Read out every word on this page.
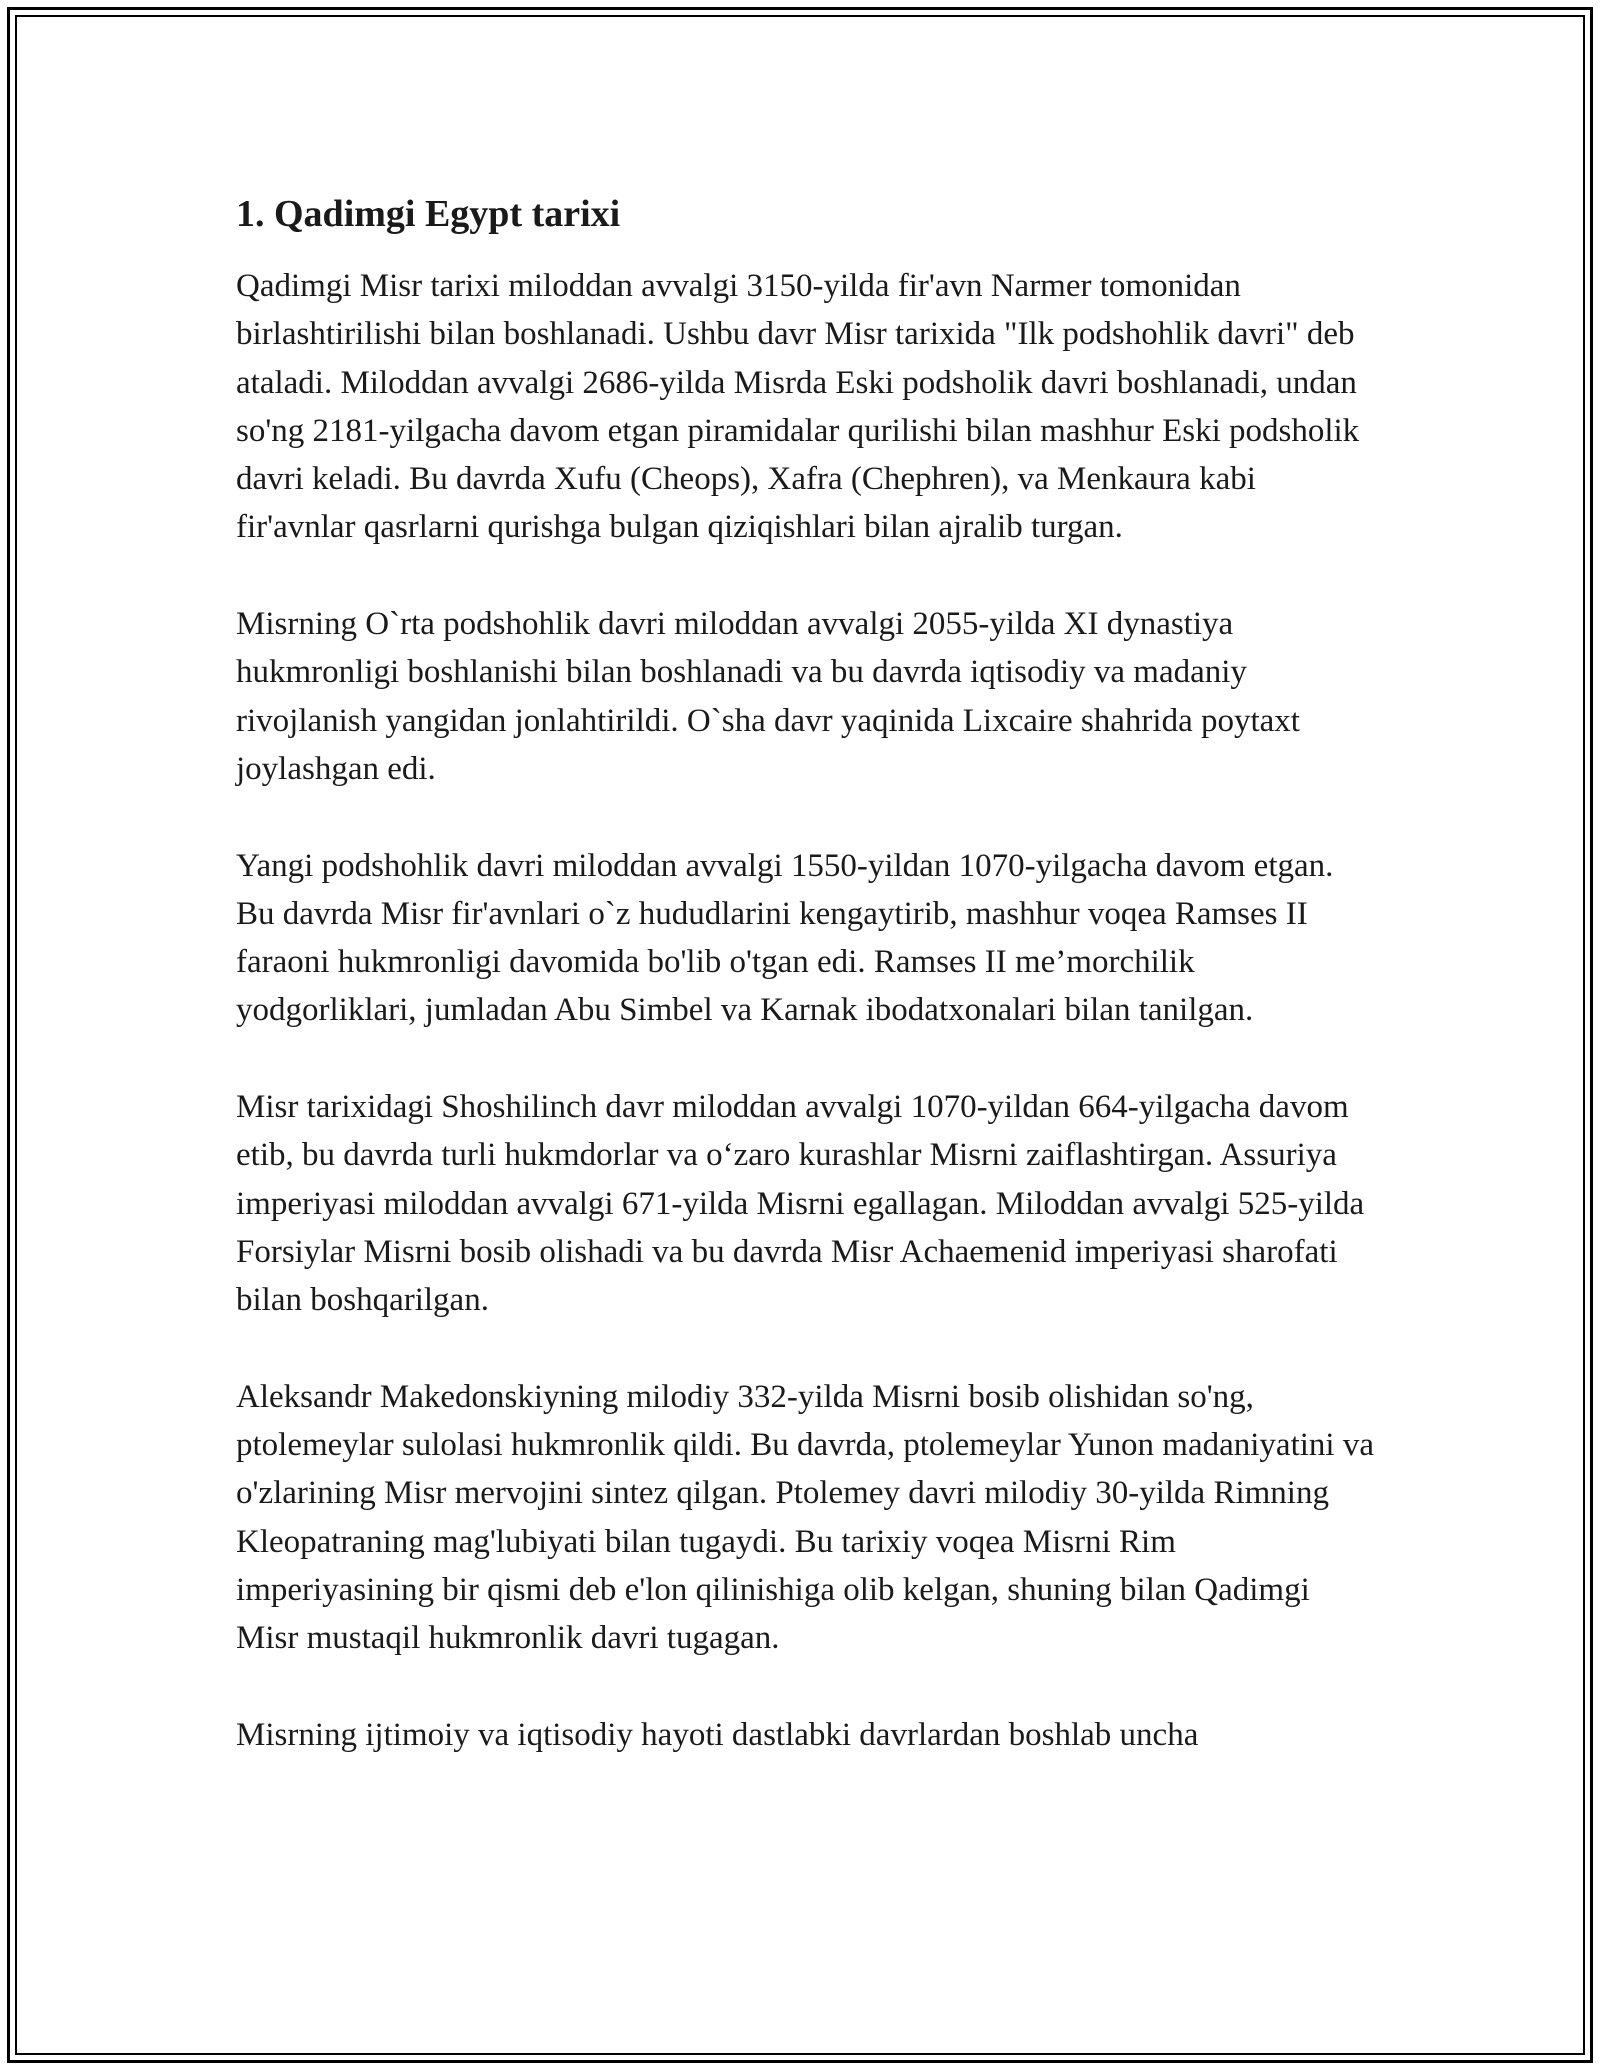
1. Qadimgi Egypt tarixi

Qadimgi Misr tarixi miloddan avvalgi 3150-yilda fir'avn Narmer tomonidan birlashtirilishi bilan boshlanadi. Ushbu davr Misr tarixida "Ilk podshohlik davri" deb ataladi. Miloddan avvalgi 2686-yilda Misrda Eski podsholik davri boshlanadi, undan so'ng 2181-yilgacha davom etgan piramidalar qurilishi bilan mashhur Eski podsholik davri keladi. Bu davrda Xufu (Cheops), Xafra (Chephren), va Menkaura kabi fir'avnlar qasrlarni qurishga bulgan qiziqishlari bilan ajralib turgan.

Misrning O`rta podshohlik davri miloddan avvalgi 2055-yilda XI dynastiya hukmronligi boshlanishi bilan boshlanadi va bu davrda iqtisodiy va madaniy rivojlanish yangidan jonlahtirildi. O`sha davr yaqinida Lixcaire shahrida poytaxt joylashgan edi.

Yangi podshohlik davri miloddan avvalgi 1550-yildan 1070-yilgacha davom etgan. Bu davrda Misr fir'avnlari o`z hududlarini kengaytirib, mashhur voqea Ramses II faraoni hukmronligi davomida bo'lib o'tgan edi. Ramses II me’morchilik yodgorliklari, jumladan Abu Simbel va Karnak ibodatxonalari bilan tanilgan.

Misr tarixidagi Shoshilinch davr miloddan avvalgi 1070-yildan 664-yilgacha davom etib, bu davrda turli hukmdorlar va o‘zaro kurashlar Misrni zaiflashtirgan. Assuriya imperiyasi miloddan avvalgi 671-yilda Misrni egallagan. Miloddan avvalgi 525-yilda Forsiylar Misrni bosib olishadi va bu davrda Misr Achaemenid imperiyasi sharofati bilan boshqarilgan.

Aleksandr Makedonskiyning milodiy 332-yilda Misrni bosib olishidan so'ng, ptolemeylar sulolasi hukmronlik qildi. Bu davrda, ptolemeylar Yunon madaniyatini va o'zlarining Misr mervojini sintez qilgan. Ptolemey davri milodiy 30-yilda Rimning Kleopatraning mag'lubiyati bilan tugaydi. Bu tarixiy voqea Misrni Rim imperiyasining bir qismi deb e'lon qilinishiga olib kelgan, shuning bilan Qadimgi Misr mustaqil hukmronlik davri tugagan.

Misrning ijtimoiy va iqtisodiy hayoti dastlabki davrlardan boshlab uncha
